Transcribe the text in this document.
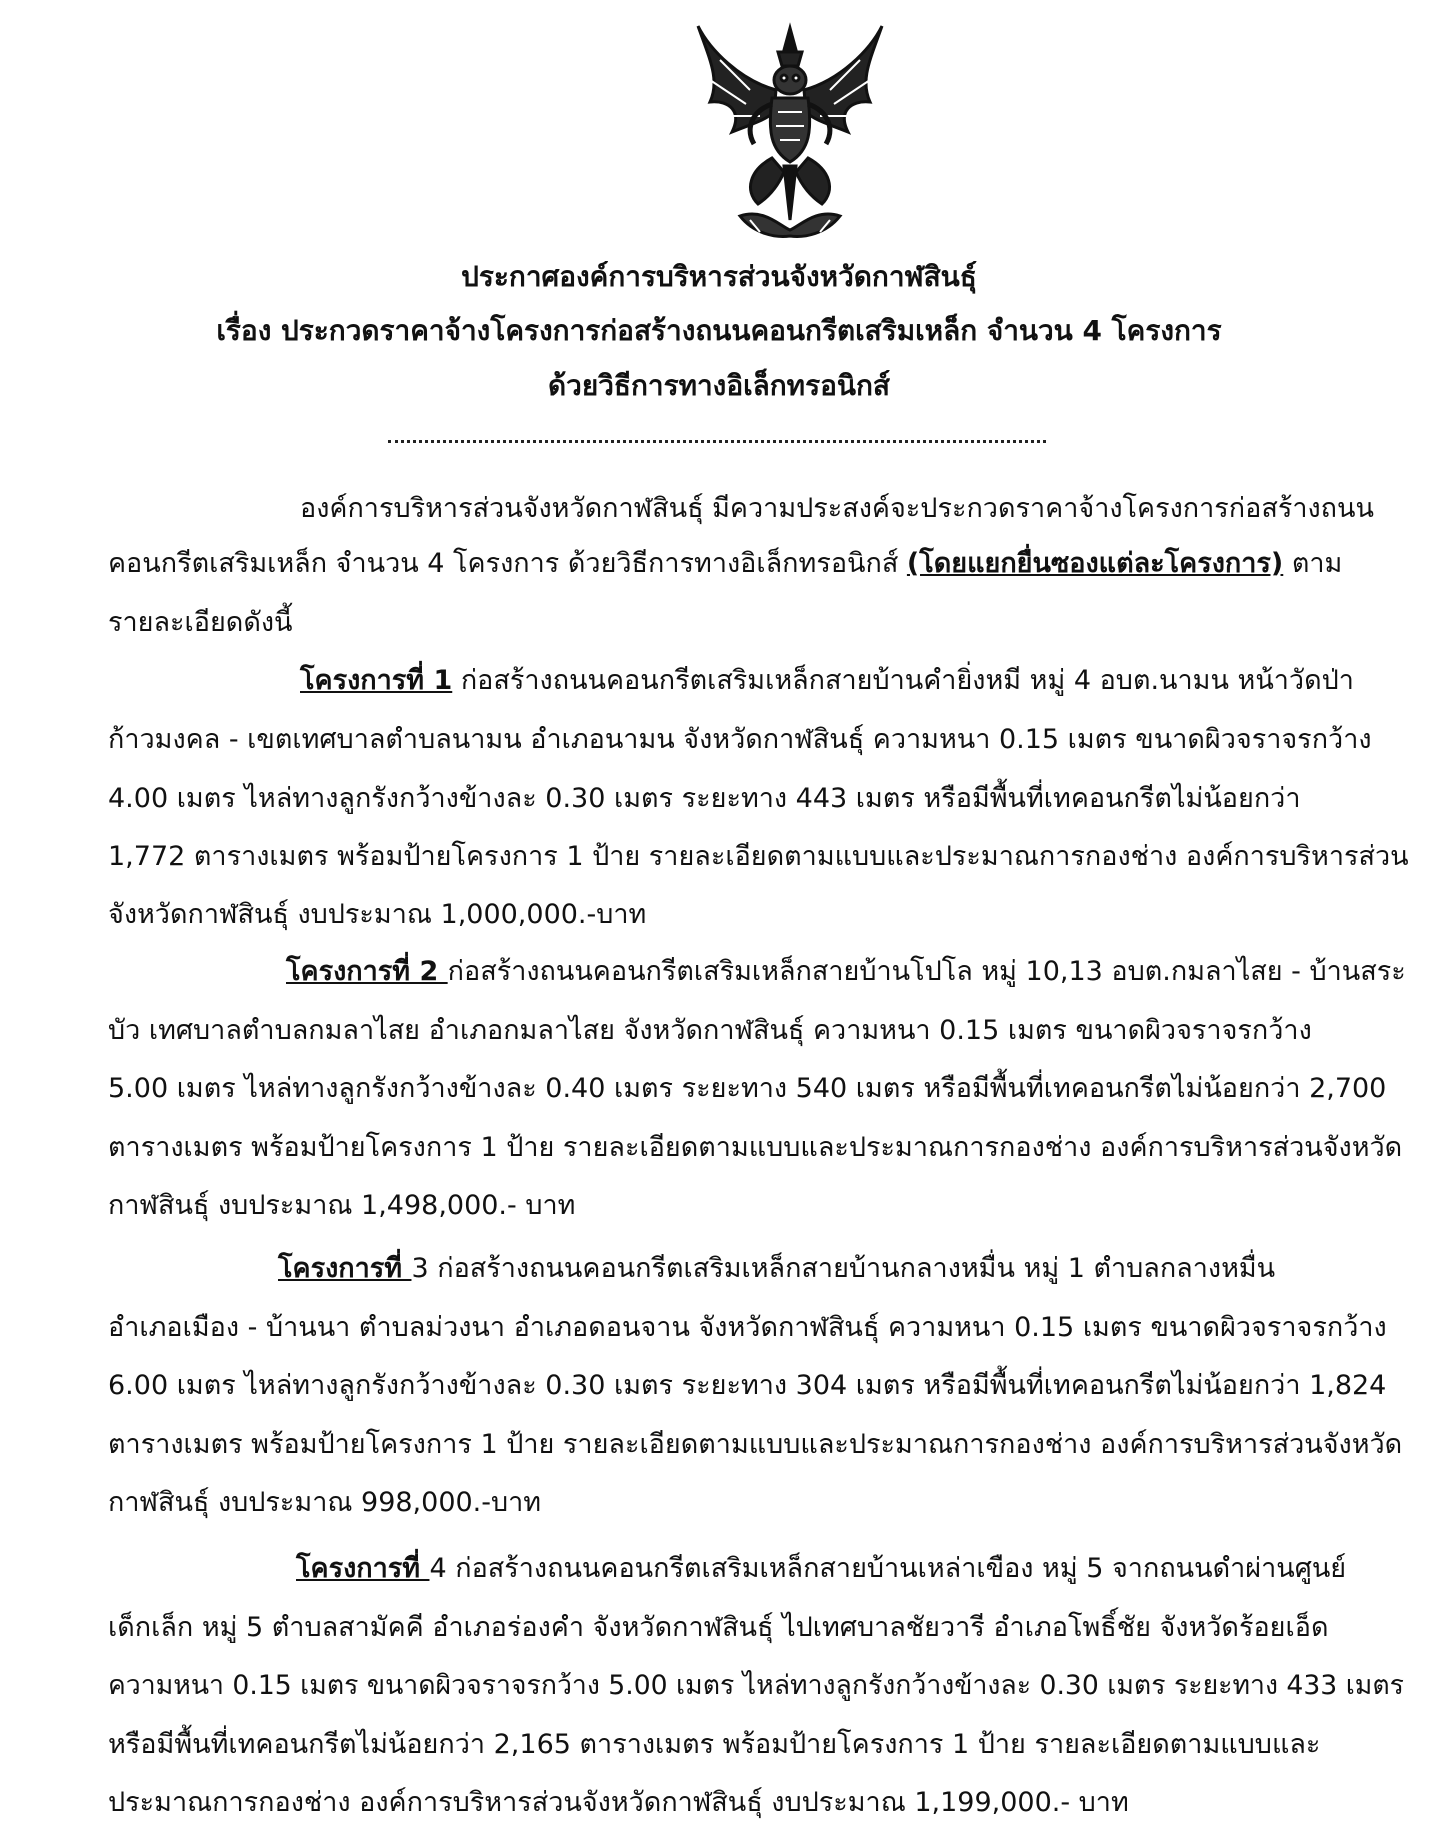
ประกาศองค์การบริหารส่วนจังหวัดกาฬสินธุ์
เรื่อง ประกวดราคาจ้างโครงการก่อสร้างถนนคอนกรีตเสริมเหล็ก จำนวน 4 โครงการ
ด้วยวิธีการทางอิเล็กทรอนิกส์
องค์การบริหารส่วนจังหวัดกาฬสินธุ์ มีความประสงค์จะประกวดราคาจ้างโครงการก่อสร้างถนน
คอนกรีตเสริมเหล็ก จำนวน 4 โครงการ ด้วยวิธีการทางอิเล็กทรอนิกส์ (โดยแยกยื่นซองแต่ละโครงการ) ตาม
รายละเอียดดังนี้
โครงการที่ 1 ก่อสร้างถนนคอนกรีตเสริมเหล็กสายบ้านคำยิ่งหมี หมู่ 4 อบต.นามน หน้าวัดป่า
ก้าวมงคล - เขตเทศบาลตำบลนามน อำเภอนามน จังหวัดกาฬสินธุ์ ความหนา 0.15 เมตร ขนาดผิวจราจรกว้าง
4.00 เมตร ไหล่ทางลูกรังกว้างข้างละ 0.30 เมตร ระยะทาง 443 เมตร หรือมีพื้นที่เทคอนกรีตไม่น้อยกว่า
1,772 ตารางเมตร พร้อมป้ายโครงการ 1 ป้าย รายละเอียดตามแบบและประมาณการกองช่าง องค์การบริหารส่วน
จังหวัดกาฬสินธุ์ งบประมาณ 1,000,000.-บาท
โครงการที่ 2 ก่อสร้างถนนคอนกรีตเสริมเหล็กสายบ้านโปโล หมู่ 10,13 อบต.กมลาไสย - บ้านสระ
บัว เทศบาลตำบลกมลาไสย อำเภอกมลาไสย จังหวัดกาฬสินธุ์ ความหนา 0.15 เมตร ขนาดผิวจราจรกว้าง
5.00 เมตร ไหล่ทางลูกรังกว้างข้างละ 0.40 เมตร ระยะทาง 540 เมตร หรือมีพื้นที่เทคอนกรีตไม่น้อยกว่า 2,700
ตารางเมตร พร้อมป้ายโครงการ 1 ป้าย รายละเอียดตามแบบและประมาณการกองช่าง องค์การบริหารส่วนจังหวัด
กาฬสินธุ์ งบประมาณ 1,498,000.- บาท
โครงการที่ 3 ก่อสร้างถนนคอนกรีตเสริมเหล็กสายบ้านกลางหมื่น หมู่ 1 ตำบลกลางหมื่น
อำเภอเมือง - บ้านนา ตำบลม่วงนา อำเภอดอนจาน จังหวัดกาฬสินธุ์ ความหนา 0.15 เมตร ขนาดผิวจราจรกว้าง
6.00 เมตร ไหล่ทางลูกรังกว้างข้างละ 0.30 เมตร ระยะทาง 304 เมตร หรือมีพื้นที่เทคอนกรีตไม่น้อยกว่า 1,824
ตารางเมตร พร้อมป้ายโครงการ 1 ป้าย รายละเอียดตามแบบและประมาณการกองช่าง องค์การบริหารส่วนจังหวัด
กาฬสินธุ์ งบประมาณ 998,000.-บาท
โครงการที่ 4 ก่อสร้างถนนคอนกรีตเสริมเหล็กสายบ้านเหล่าเขือง หมู่ 5 จากถนนดำผ่านศูนย์
เด็กเล็ก หมู่ 5 ตำบลสามัคคี อำเภอร่องคำ จังหวัดกาฬสินธุ์ ไปเทศบาลชัยวารี อำเภอโพธิ์ชัย จังหวัดร้อยเอ็ด
ความหนา 0.15 เมตร ขนาดผิวจราจรกว้าง 5.00 เมตร ไหล่ทางลูกรังกว้างข้างละ 0.30 เมตร ระยะทาง 433 เมตร
หรือมีพื้นที่เทคอนกรีตไม่น้อยกว่า 2,165 ตารางเมตร พร้อมป้ายโครงการ 1 ป้าย รายละเอียดตามแบบและ
ประมาณการกองช่าง องค์การบริหารส่วนจังหวัดกาฬสินธุ์ งบประมาณ 1,199,000.- บาท
